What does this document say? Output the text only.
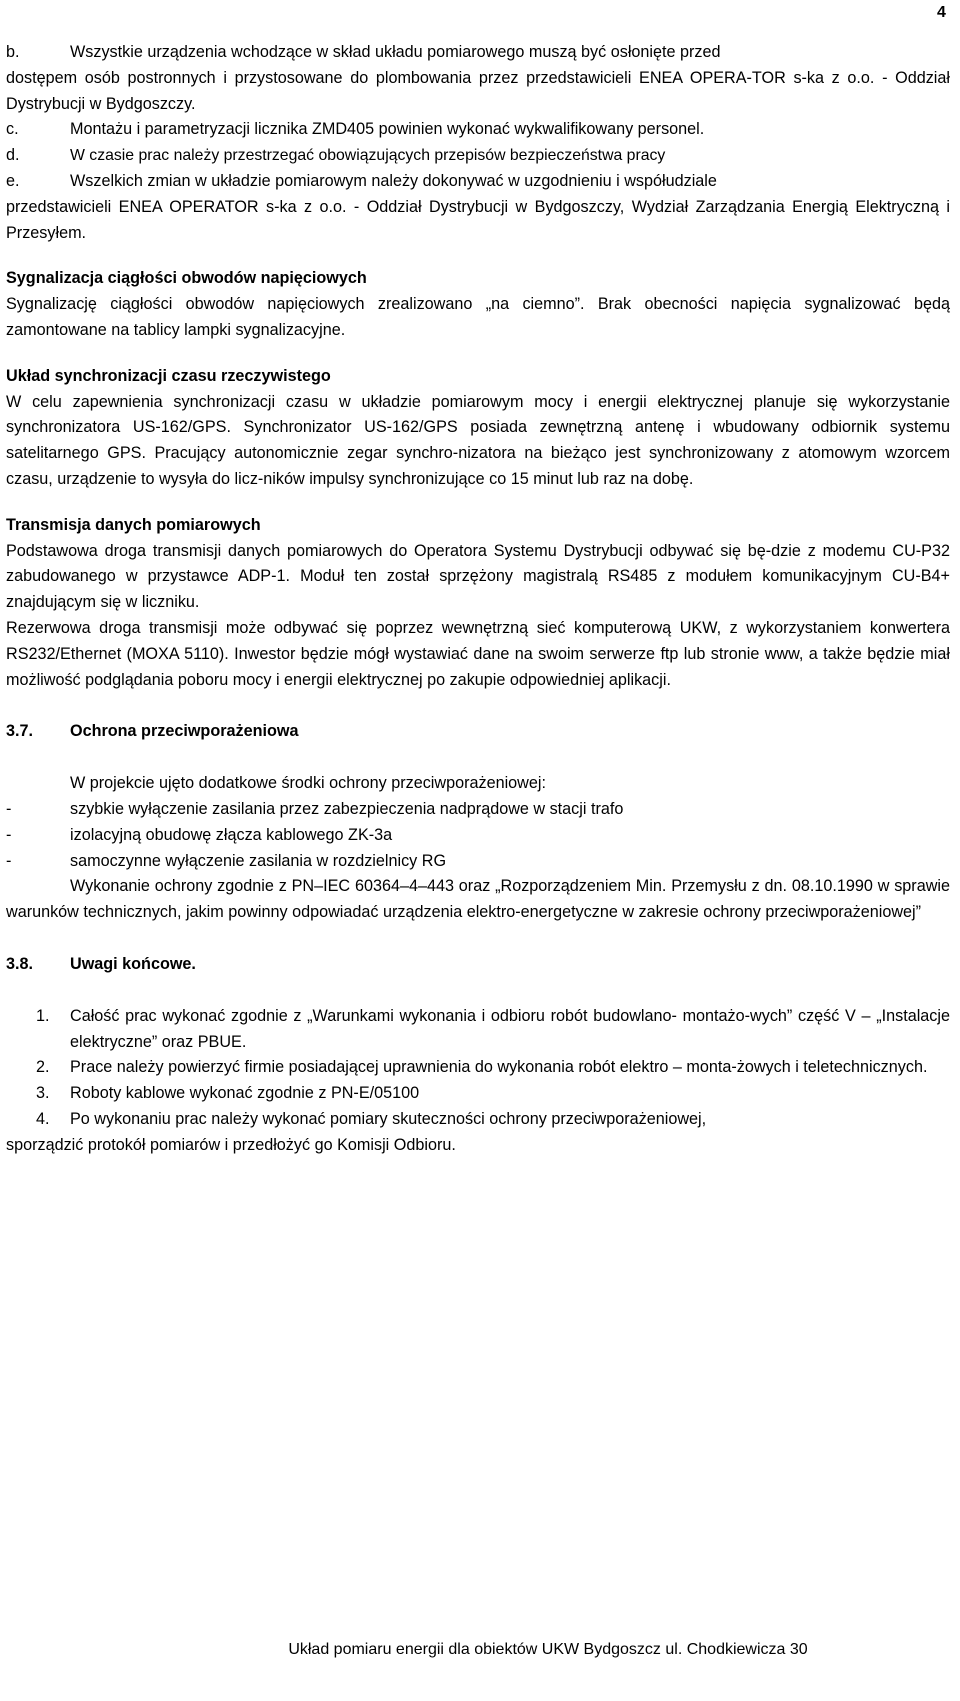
4

b.	Wszystkie urządzenia wchodzące w skład układu pomiarowego muszą być osłonięte przed

dostępem osób postronnych i przystosowane do plombowania przez przedstawicieli ENEA OPERA-TOR s-ka z o.o. - Oddział Dystrybucji w Bydgoszczy.

c.	Montażu i parametryzacji licznika ZMD405 powinien wykonać wykwalifikowany personel.

d.	W czasie prac należy przestrzegać obowiązujących przepisów bezpieczeństwa pracy

e.	Wszelkich zmian w układzie pomiarowym należy dokonywać w uzgodnieniu i współudziale

przedstawicieli ENEA OPERATOR s-ka z o.o. - Oddział Dystrybucji w Bydgoszczy, Wydział Zarządzania Energią Elektryczną i Przesyłem.

Sygnalizacja ciągłości obwodów napięciowych

Sygnalizację ciągłości obwodów napięciowych zrealizowano „na ciemno”. Brak obecności napięcia sygnalizować będą zamontowane na tablicy lampki sygnalizacyjne.

Układ synchronizacji czasu rzeczywistego

W celu zapewnienia synchronizacji czasu w układzie pomiarowym mocy i energii elektrycznej planuje się wykorzystanie synchronizatora US-162/GPS. Synchronizator US-162/GPS posiada zewnętrzną antenę i wbudowany odbiornik systemu satelitarnego GPS. Pracujący autonomicznie zegar synchro-nizatora na bieżąco jest synchronizowany z atomowym wzorcem czasu, urządzenie to wysyła do licz-ników impulsy synchronizujące co 15 minut lub raz na dobę.

Transmisja danych pomiarowych

Podstawowa droga transmisji danych pomiarowych do Operatora Systemu Dystrybucji odbywać się bę-dzie z modemu CU-P32 zabudowanego w przystawce ADP-1. Moduł ten został sprzężony magistralą RS485 z modułem komunikacyjnym CU-B4+ znajdującym się w liczniku.

Rezerwowa droga transmisji może odbywać się poprzez wewnętrzną sieć komputerową UKW, z wykorzystaniem konwertera RS232/Ethernet (MOXA 5110). Inwestor będzie mógł wystawiać dane na swoim serwerze ftp lub stronie www, a także będzie miał możliwość podglądania poboru mocy i energii elektrycznej po zakupie odpowiedniej aplikacji.

3.7. Ochrona przeciwporażeniowa

W projekcie ujęto dodatkowe środki ochrony przeciwporażeniowej:

-	szybkie wyłączenie zasilania przez zabezpieczenia nadprądowe w stacji trafo

-	izolacyjną obudowę złącza kablowego ZK-3a

-	samoczynne wyłączenie zasilania w rozdzielnicy RG

Wykonanie ochrony zgodnie z PN–IEC 60364–4–443 oraz „Rozporządzeniem Min. Przemysłu z dn. 08.10.1990 w sprawie warunków technicznych, jakim powinny odpowiadać urządzenia elektro-energetyczne w zakresie ochrony przeciwporażeniowej”

3.8. Uwagi końcowe.

1. Całość prac wykonać zgodnie z „Warunkami wykonania i odbioru robót budowlano- montażo-wych” część V – „Instalacje elektryczne” oraz PBUE.

2. Prace należy powierzyć firmie posiadającej uprawnienia do wykonania robót elektro – monta-żowych i teletechnicznych.

3. Roboty kablowe wykonać zgodnie z PN-E/05100

4. Po wykonaniu prac należy wykonać pomiary skuteczności ochrony przeciwporażeniowej,

sporządzić protokół pomiarów i przedłożyć go Komisji Odbioru.

Układ pomiaru energii dla obiektów UKW Bydgoszcz ul. Chodkiewicza 30
